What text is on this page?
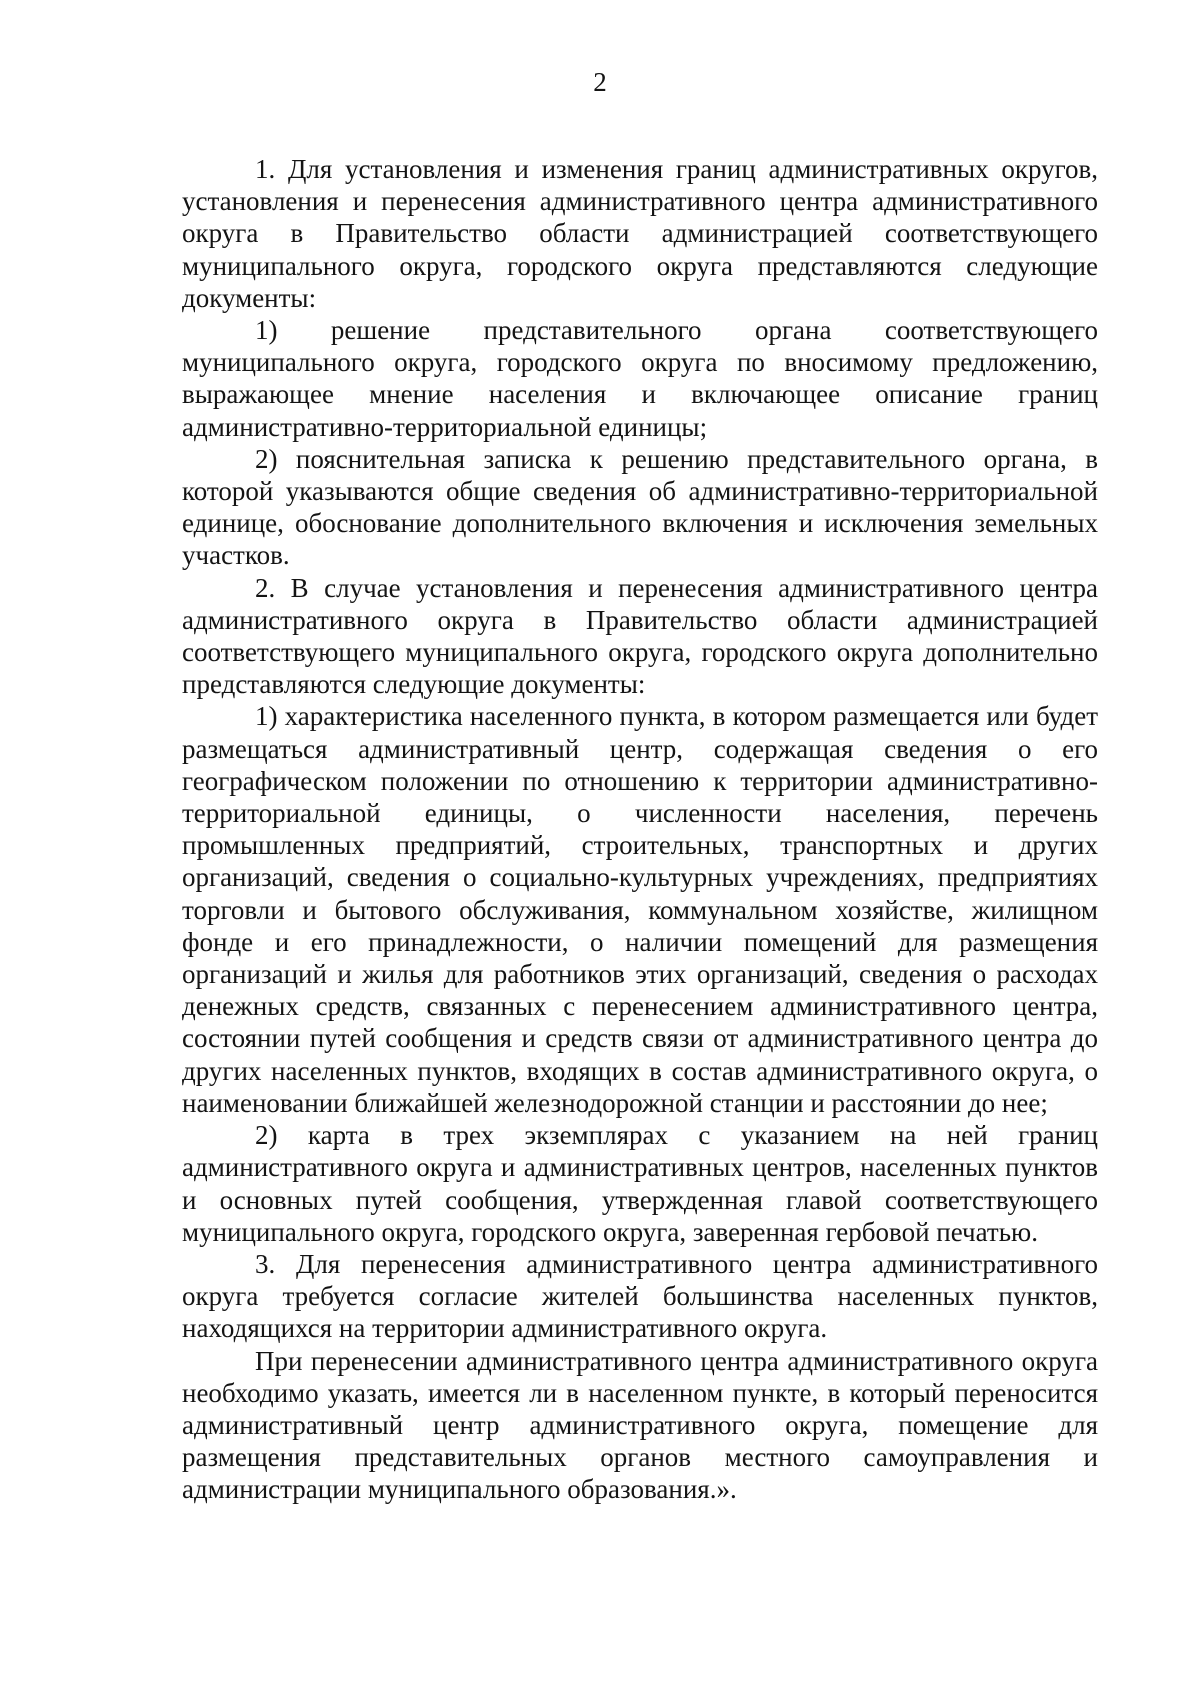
2

1. Для установления и изменения границ административных округов, установления и перенесения административного центра административного округа в Правительство области администрацией соответствующего муниципального округа, городского округа представляются следующие документы:

1) решение представительного органа соответствующего муниципального округа, городского округа по вносимому предложению, выражающее мнение населения и включающее описание границ административно-территориальной единицы;

2) пояснительная записка к решению представительного органа, в которой указываются общие сведения об административно-территориальной единице, обоснование дополнительного включения и исключения земельных участков.

2. В случае установления и перенесения административного центра административного округа в Правительство области администрацией соответствующего муниципального округа, городского округа дополнительно представляются следующие документы:

1) характеристика населенного пункта, в котором размещается или будет размещаться административный центр, содержащая сведения о его географическом положении по отношению к территории административно-территориальной единицы, о численности населения, перечень промышленных предприятий, строительных, транспортных и других организаций, сведения о социально-культурных учреждениях, предприятиях торговли и бытового обслуживания, коммунальном хозяйстве, жилищном фонде и его принадлежности, о наличии помещений для размещения организаций и жилья для работников этих организаций, сведения о расходах денежных средств, связанных с перенесением административного центра, состоянии путей сообщения и средств связи от административного центра до других населенных пунктов, входящих в состав административного округа, о наименовании ближайшей железнодорожной станции и расстоянии до нее;

2) карта в трех экземплярах с указанием на ней границ административного округа и административных центров, населенных пунктов и основных путей сообщения, утвержденная главой соответствующего муниципального округа, городского округа, заверенная гербовой печатью.

3. Для перенесения административного центра административного округа требуется согласие жителей большинства населенных пунктов, находящихся на территории административного округа.

При перенесении административного центра административного округа необходимо указать, имеется ли в населенном пункте, в который переносится административный центр административного округа, помещение для размещения представительных органов местного самоуправления и администрации муниципального образования.».
